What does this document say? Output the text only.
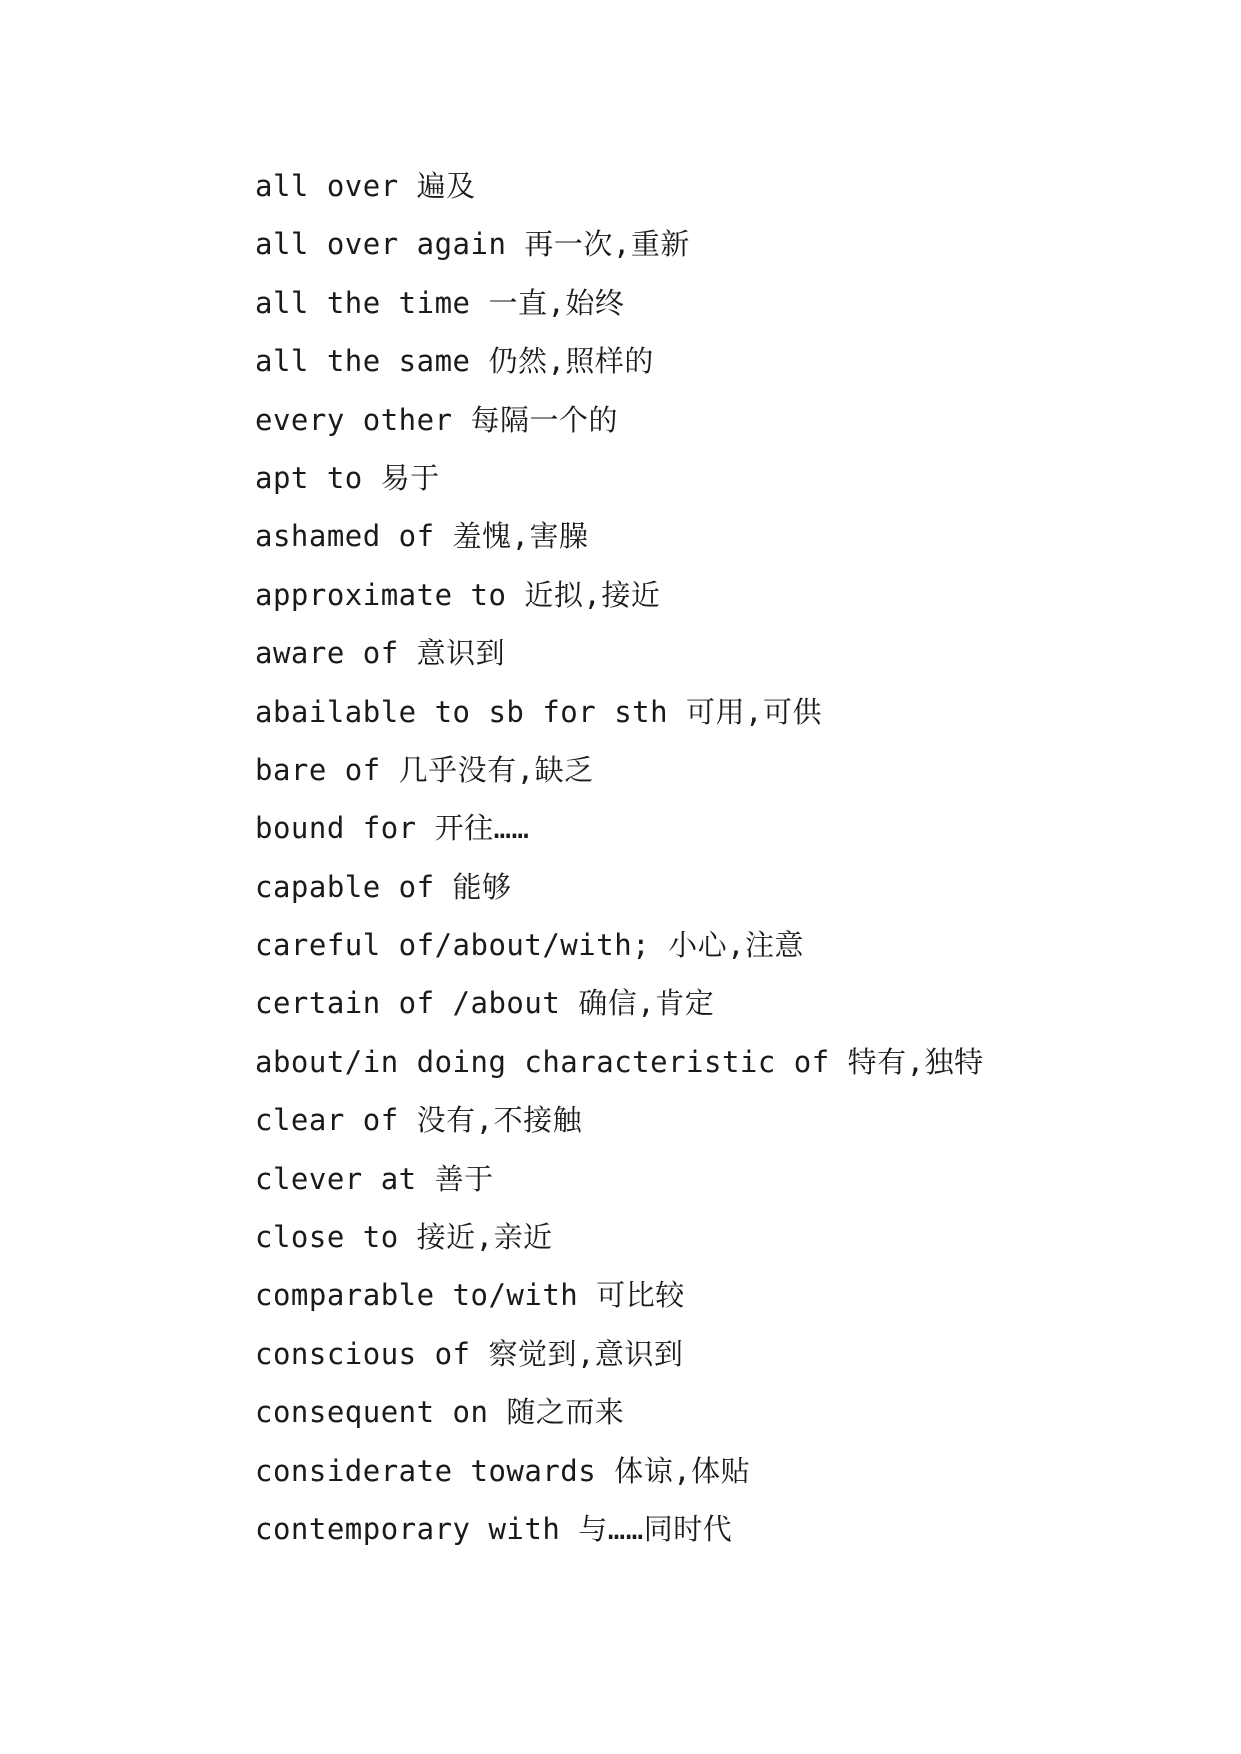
all over 遍及
all over again 再一次,重新
all the time 一直,始终
all the same 仍然,照样的
every other 每隔一个的
apt to 易于
ashamed of 羞愧,害臊
approximate to 近拟,接近
aware of 意识到
abailable to sb for sth 可用,可供
bare of 几乎没有,缺乏
bound for 开往……
capable of 能够
careful of/about/with; 小心,注意
certain of /about 确信,肯定
about/in doing characteristic of 特有,独特
clear of 没有,不接触
clever at 善于
close to 接近,亲近
comparable to/with 可比较
conscious of 察觉到,意识到
consequent on 随之而来
considerate towards 体谅,体贴
contemporary with 与……同时代
